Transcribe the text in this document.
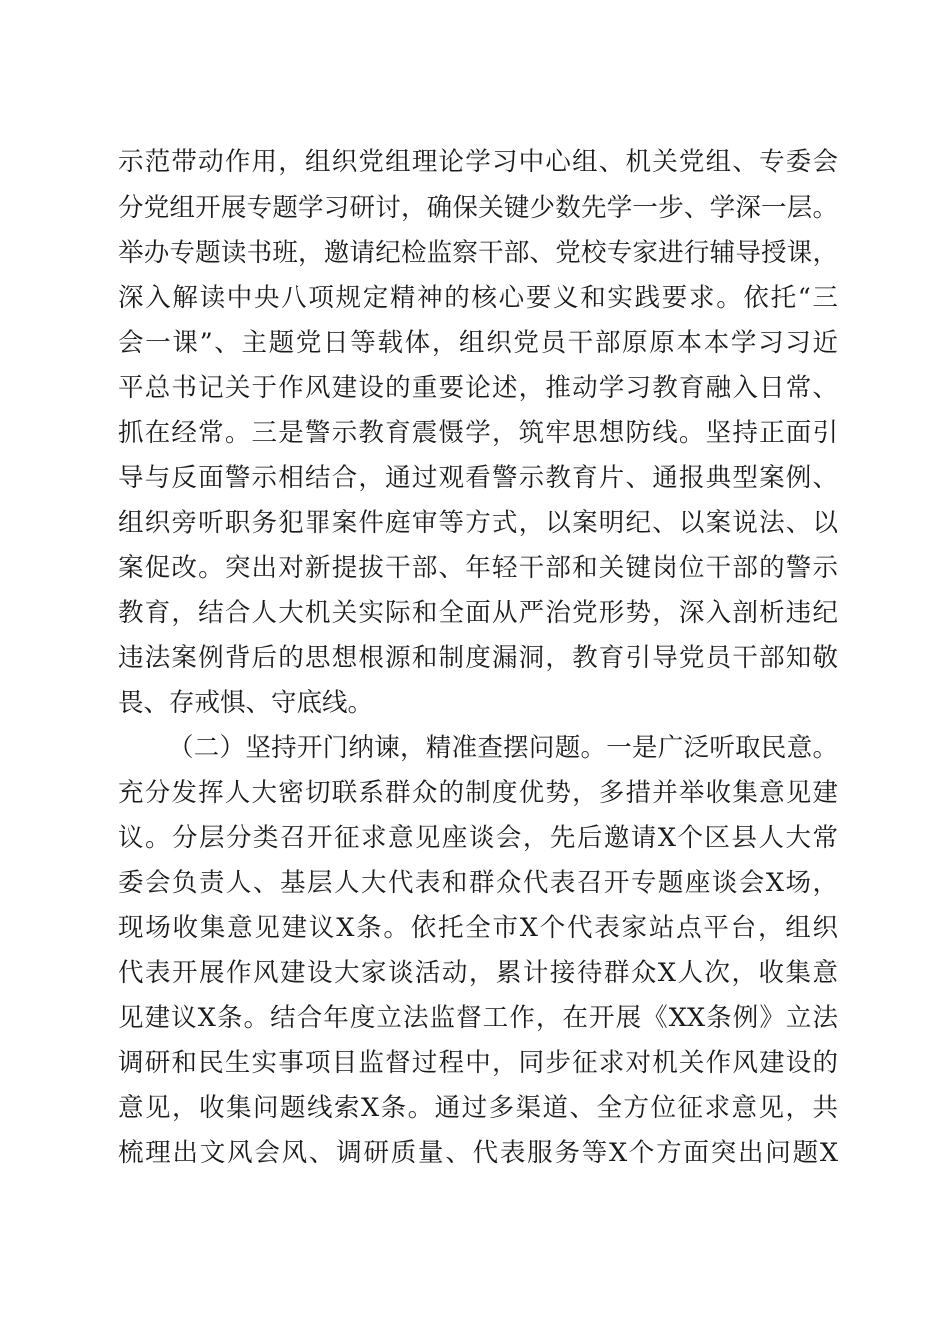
示范带动作用，组织党组理论学习中心组、机关党组、专委会
分党组开展专题学习研讨，确保关键少数先学一步、学深一层。
举办专题读书班，邀请纪检监察干部、党校专家进行辅导授课，
深入解读中央八项规定精神的核心要义和实践要求。依托“三
会一课”、主题党日等载体，组织党员干部原原本本学习习近
平总书记关于作风建设的重要论述，推动学习教育融入日常、
抓在经常。三是警示教育震慑学，筑牢思想防线。坚持正面引
导与反面警示相结合，通过观看警示教育片、通报典型案例、
组织旁听职务犯罪案件庭审等方式，以案明纪、以案说法、以
案促改。突出对新提拔干部、年轻干部和关键岗位干部的警示
教育，结合人大机关实际和全面从严治党形势，深入剖析违纪
违法案例背后的思想根源和制度漏洞，教育引导党员干部知敬
畏、存戒惧、守底线。
（二）坚持开门纳谏，精准查摆问题。一是广泛听取民意。
充分发挥人大密切联系群众的制度优势，多措并举收集意见建
议。分层分类召开征求意见座谈会，先后邀请X个区县人大常
委会负责人、基层人大代表和群众代表召开专题座谈会X场，
现场收集意见建议X条。依托全市X个代表家站点平台，组织
代表开展作风建设大家谈活动，累计接待群众X人次，收集意
见建议X条。结合年度立法监督工作，在开展《XX条例》立法
调研和民生实事项目监督过程中，同步征求对机关作风建设的
意见，收集问题线索X条。通过多渠道、全方位征求意见，共
梳理出文风会风、调研质量、代表服务等X个方面突出问题X
